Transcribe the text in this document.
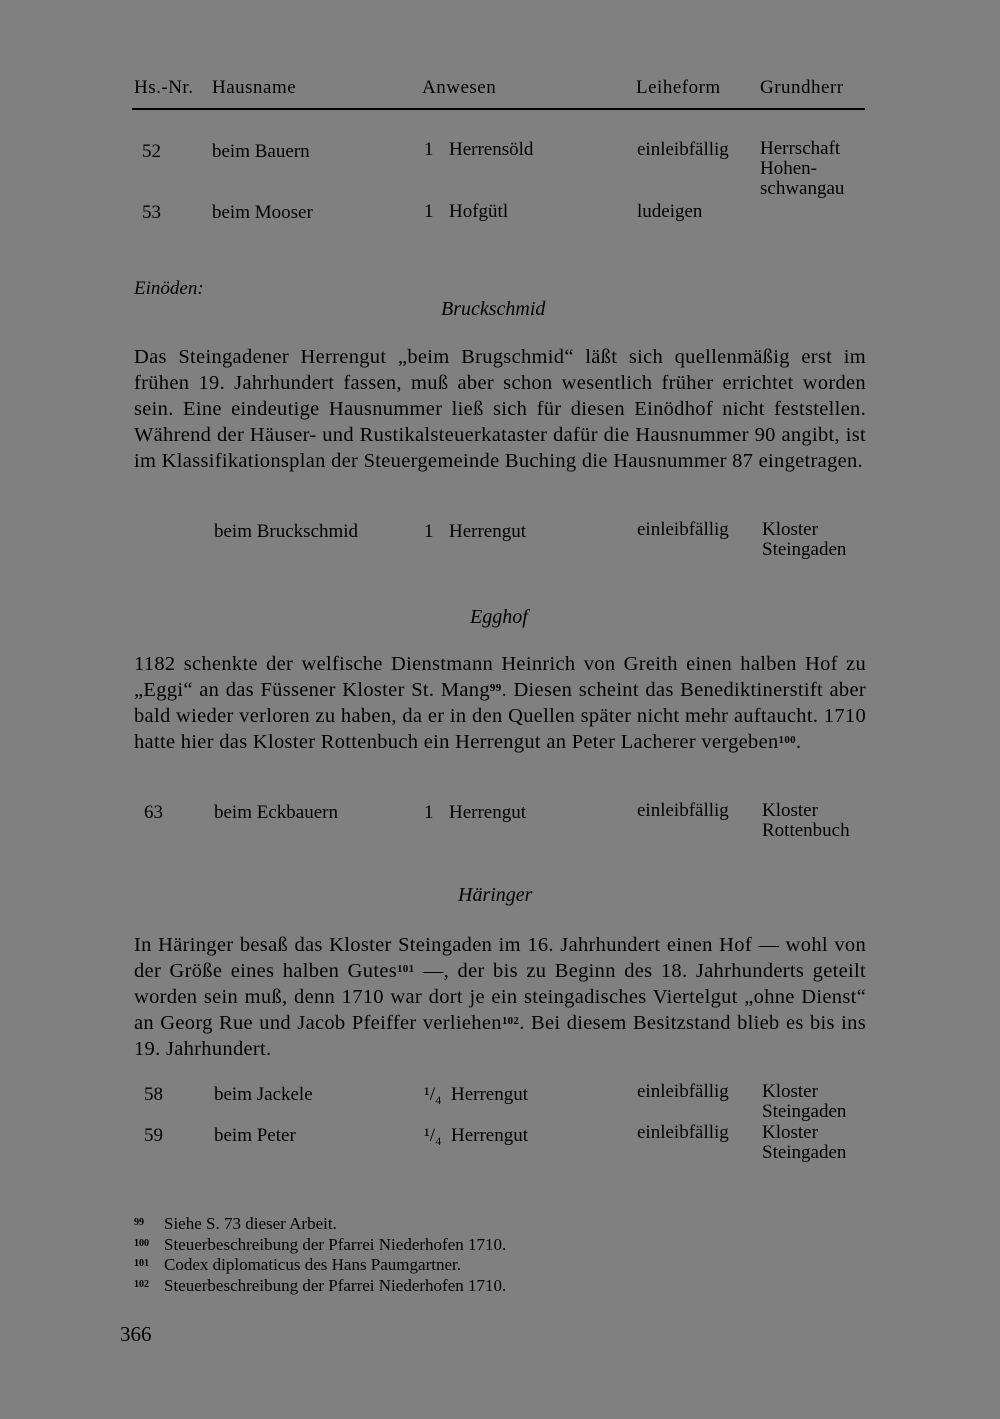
Hs.-Nr. Hausname	Anwesen	Leiheform Grundherr
52	beim Bauern	1 Herrensöld	einleibfällig Herrschaft
Hohen-
schwangau
53	beim Mooser	1 Hofgütl	ludeigen
Einöden:
Bruckschmid

Das Steingadener Herrengut „beim Brugschmid“ läßt sich quellenmäßig erst im frühen 19. Jahrhundert fassen, muß aber schon wesentlich früher errichtet worden sein. Eine eindeutige Hausnummer ließ sich für diesen Einödhof nicht feststellen. Während der Häuser- und Rustikalsteuerkataster dafür die Hausnummer 90 angibt, ist im Klassifikationsplan der Steuergemeinde Buching die Hausnummer 87 eingetragen.

beim Bruckschmid	1 Herrengut	einleibfällig Kloster
Steingaden
Egghof

1182 schenkte der welfische Dienstmann Heinrich von Greith einen halben Hof zu „Eggi“ an das Füssener Kloster St. Mang$^{99}$. Diesen scheint das Benediktinerstift aber bald wieder verloren zu haben, da er in den Quellen später nicht mehr auftaucht. 1710 hatte hier das Kloster Rottenbuch ein Herrengut an Peter Lacherer vergeben$^{100}$.

63	beim Eckbauern	1 Herrengut	einleibfällig Kloster
Rottenbuch
Häringer

In Häringer besaß das Kloster Steingaden im 16. Jahrhundert einen Hof — wohl von der Größe eines halben Gutes$^{101}$ —, der bis zu Beginn des 18. Jahrhunderts geteilt worden sein muß, denn 1710 war dort je ein steingadisches Viertelgut „ohne Dienst“ an Georg Rue und Jacob Pfeiffer verliehen$^{102}$. Bei diesem Besitzstand blieb es bis ins 19. Jahrhundert.

58	beim Jackele	¹/₄ Herrengut	einleibfällig Kloster
Steingaden
59	beim Peter	¹/₄ Herrengut	einleibfällig Kloster
Steingaden
99 Siehe S. 73 dieser Arbeit.
100 Steuerbeschreibung der Pfarrei Niederhofen 1710.
101 Codex diplomaticus des Hans Paumgartner.
102 Steuerbeschreibung der Pfarrei Niederhofen 1710.
366
